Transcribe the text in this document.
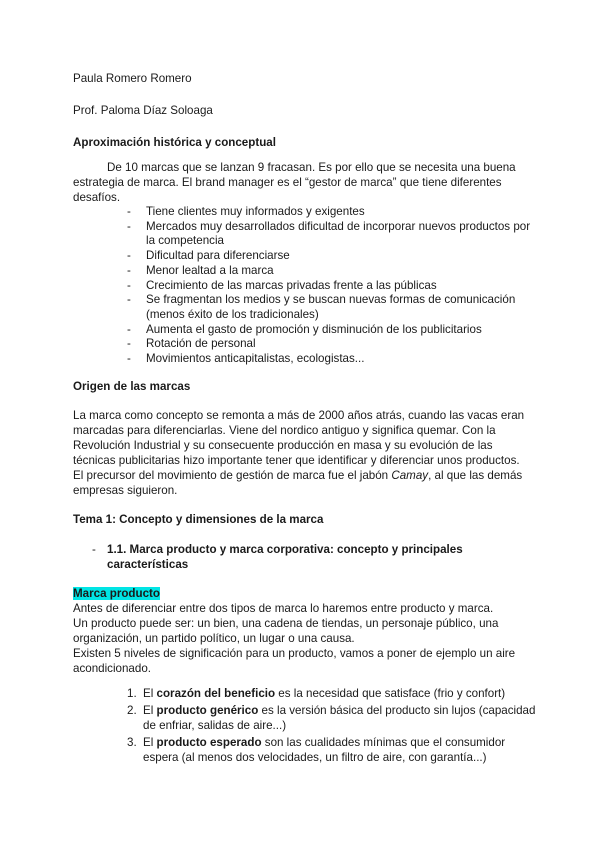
Paula Romero Romero
Prof. Paloma Díaz Soloaga
Aproximación histórica y conceptual
De 10 marcas que se lanzan 9 fracasan. Es por ello que se necesita una buena estrategia de marca. El brand manager es el “gestor de marca” que tiene diferentes desafíos.
- Tiene clientes muy informados y exigentes
- Mercados muy desarrollados dificultad de incorporar nuevos productos por la competencia
- Dificultad para diferenciarse
- Menor lealtad a la marca
- Crecimiento de las marcas privadas frente a las públicas
- Se fragmentan los medios y se buscan nuevas formas de comunicación (menos éxito de los tradicionales)
- Aumenta el gasto de promoción y disminución de los publicitarios
- Rotación de personal
- Movimientos anticapitalistas, ecologistas...
Origen de las marcas
La marca como concepto se remonta a más de 2000 años atrás, cuando las vacas eran marcadas para diferenciarlas. Viene del nordico antiguo y significa quemar. Con la Revolución Industrial y su consecuente producción en masa y su evolución de las técnicas publicitarias hizo importante tener que identificar y diferenciar unos productos. El precursor del movimiento de gestión de marca fue el jabón Camay, al que las demás empresas siguieron.
Tema 1: Concepto y dimensiones de la marca
- 1.1. Marca producto y marca corporativa: concepto y principales características
Marca producto
Antes de diferenciar entre dos tipos de marca lo haremos entre producto y marca.
Un producto puede ser: un bien, una cadena de tiendas, un personaje público, una organización, un partido político, un lugar o una causa.
Existen 5 niveles de significación para un producto, vamos a poner de ejemplo un aire acondicionado.
1. El corazón del beneficio es la necesidad que satisface (frio y confort)
2. El producto genérico es la versión básica del producto sin lujos (capacidad de enfriar, salidas de aire...)
3. El producto esperado son las cualidades mínimas que el consumidor espera (al menos dos velocidades, un filtro de aire, con garantía...)
